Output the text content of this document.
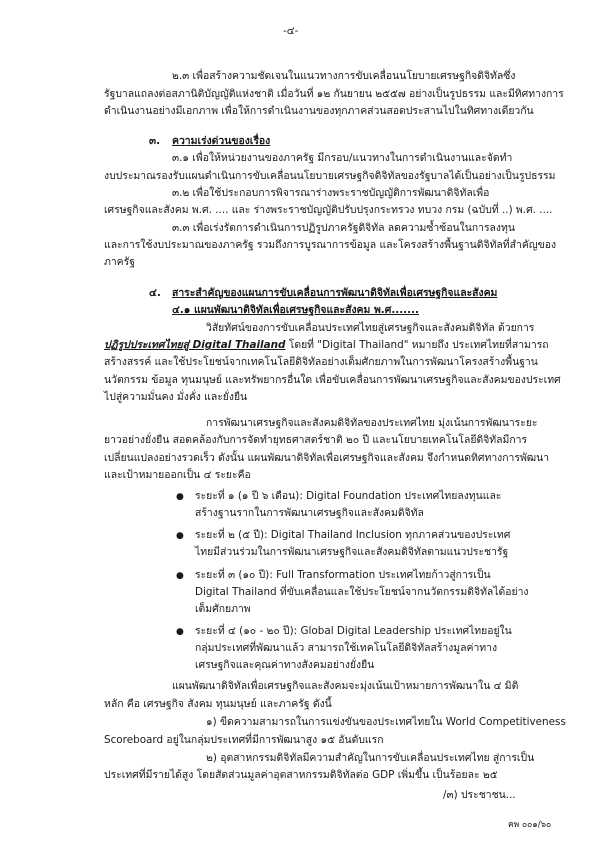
-๔-
๒.๓ เพื่อสร้างความชัดเจนในแนวทางการขับเคลื่อนนโยบายเศรษฐกิจดิจิทัลซึ่ง
รัฐบาลแถลงต่อสภานิติบัญญัติแห่งชาติ เมื่อวันที่ ๑๒ กันยายน ๒๕๕๗ อย่างเป็นรูปธรรม และมีทิศทางการ
ดำเนินงานอย่างมีเอกภาพ เพื่อให้การดำเนินงานของทุกภาคส่วนสอดประสานไปในทิศทางเดียวกัน
๓. ความเร่งด่วนของเรื่อง
๓.๑ เพื่อให้หน่วยงานของภาครัฐ มีกรอบ/แนวทางในการดำเนินงานและจัดทำ
งบประมาณรองรับแผนดำเนินการขับเคลื่อนนโยบายเศรษฐกิจดิจิทัลของรัฐบาลได้เป็นอย่างเป็นรูปธรรม
๓.๒ เพื่อใช้ประกอบการพิจารณาร่างพระราชบัญญัติการพัฒนาดิจิทัลเพื่อ
เศรษฐกิจและสังคม พ.ศ. .... และ ร่างพระราชบัญญัติปรับปรุงกระทรวง ทบวง กรม (ฉบับที่ ..) พ.ศ. ....
๓.๓ เพื่อเร่งรัดการดำเนินการปฏิรูปภาครัฐดิจิทัล ลดความซ้ำซ้อนในการลงทุน
และการใช้งบประมาณของภาครัฐ รวมถึงการบูรณาการข้อมูล และโครงสร้างพื้นฐานดิจิทัลที่สำคัญของ
ภาครัฐ
๔. สาระสำคัญของแผนการขับเคลื่อนการพัฒนาดิจิทัลเพื่อเศรษฐกิจและสังคม
๔.๑ แผนพัฒนาดิจิทัลเพื่อเศรษฐกิจและสังคม พ.ศ.......
วิสัยทัศน์ของการขับเคลื่อนประเทศไทยสู่เศรษฐกิจและสังคมดิจิทัล ด้วยการ
ปฏิรูปประเทศไทยสู่ Digital Thailand โดยที่ "Digital Thailand" หมายถึง ประเทศไทยที่สามารถ
สร้างสรรค์ และใช้ประโยชน์จากเทคโนโลยีดิจิทัลอย่างเต็มศักยภาพในการพัฒนาโครงสร้างพื้นฐาน
นวัตกรรม ข้อมูล ทุนมนุษย์ และทรัพยากรอื่นใด เพื่อขับเคลื่อนการพัฒนาเศรษฐกิจและสังคมของประเทศ
ไปสู่ความมั่นคง มั่งคั่ง และยั่งยืน
การพัฒนาเศรษฐกิจและสังคมดิจิทัลของประเทศไทย มุ่งเน้นการพัฒนาระยะ
ยาวอย่างยั่งยืน สอดคล้องกับการจัดทำยุทธศาสตร์ชาติ ๒๐ ปี และนโยบายเทคโนโลยีดิจิทัลมีการ
เปลี่ยนแปลงอย่างรวดเร็ว ดังนั้น แผนพัฒนาดิจิทัลเพื่อเศรษฐกิจและสังคม จึงกำหนดทิศทางการพัฒนา
และเป้าหมายออกเป็น ๔ ระยะคือ
● ระยะที่ ๑ (๑ ปี ๖ เดือน): Digital Foundation ประเทศไทยลงทุนและ
สร้างฐานรากในการพัฒนาเศรษฐกิจและสังคมดิจิทัล
● ระยะที่ ๒ (๕ ปี): Digital Thailand Inclusion ทุกภาคส่วนของประเทศ
ไทยมีส่วนร่วมในการพัฒนาเศรษฐกิจและสังคมดิจิทัลตามแนวประชารัฐ
● ระยะที่ ๓ (๑๐ ปี): Full Transformation ประเทศไทยก้าวสู่การเป็น
Digital Thailand ที่ขับเคลื่อนและใช้ประโยชน์จากนวัตกรรมดิจิทัลได้อย่าง
เต็มศักยภาพ
● ระยะที่ ๔ (๑๐ - ๒๐ ปี): Global Digital Leadership ประเทศไทยอยู่ใน
กลุ่มประเทศที่พัฒนาแล้ว สามารถใช้เทคโนโลยีดิจิทัลสร้างมูลค่าทาง
เศรษฐกิจและคุณค่าทางสังคมอย่างยั่งยืน
แผนพัฒนาดิจิทัลเพื่อเศรษฐกิจและสังคมจะมุ่งเน้นเป้าหมายการพัฒนาใน ๔ มิติ
หลัก คือ เศรษฐกิจ สังคม ทุนมนุษย์ และภาครัฐ ดังนี้
๑) ขีดความสามารถในการแข่งขันของประเทศไทยใน World Competitiveness
Scoreboard อยู่ในกลุ่มประเทศที่มีการพัฒนาสูง ๑๕ อันดับแรก
๒) อุตสาหกรรมดิจิทัลมีความสำคัญในการขับเคลื่อนประเทศไทย สู่การเป็น
ประเทศที่มีรายได้สูง โดยสัดส่วนมูลค่าอุตสาหกรรมดิจิทัลต่อ GDP เพิ่มขึ้น เป็นร้อยละ ๒๕
/๓) ประชาชน...
คพ ๐๐๑/๖๐
